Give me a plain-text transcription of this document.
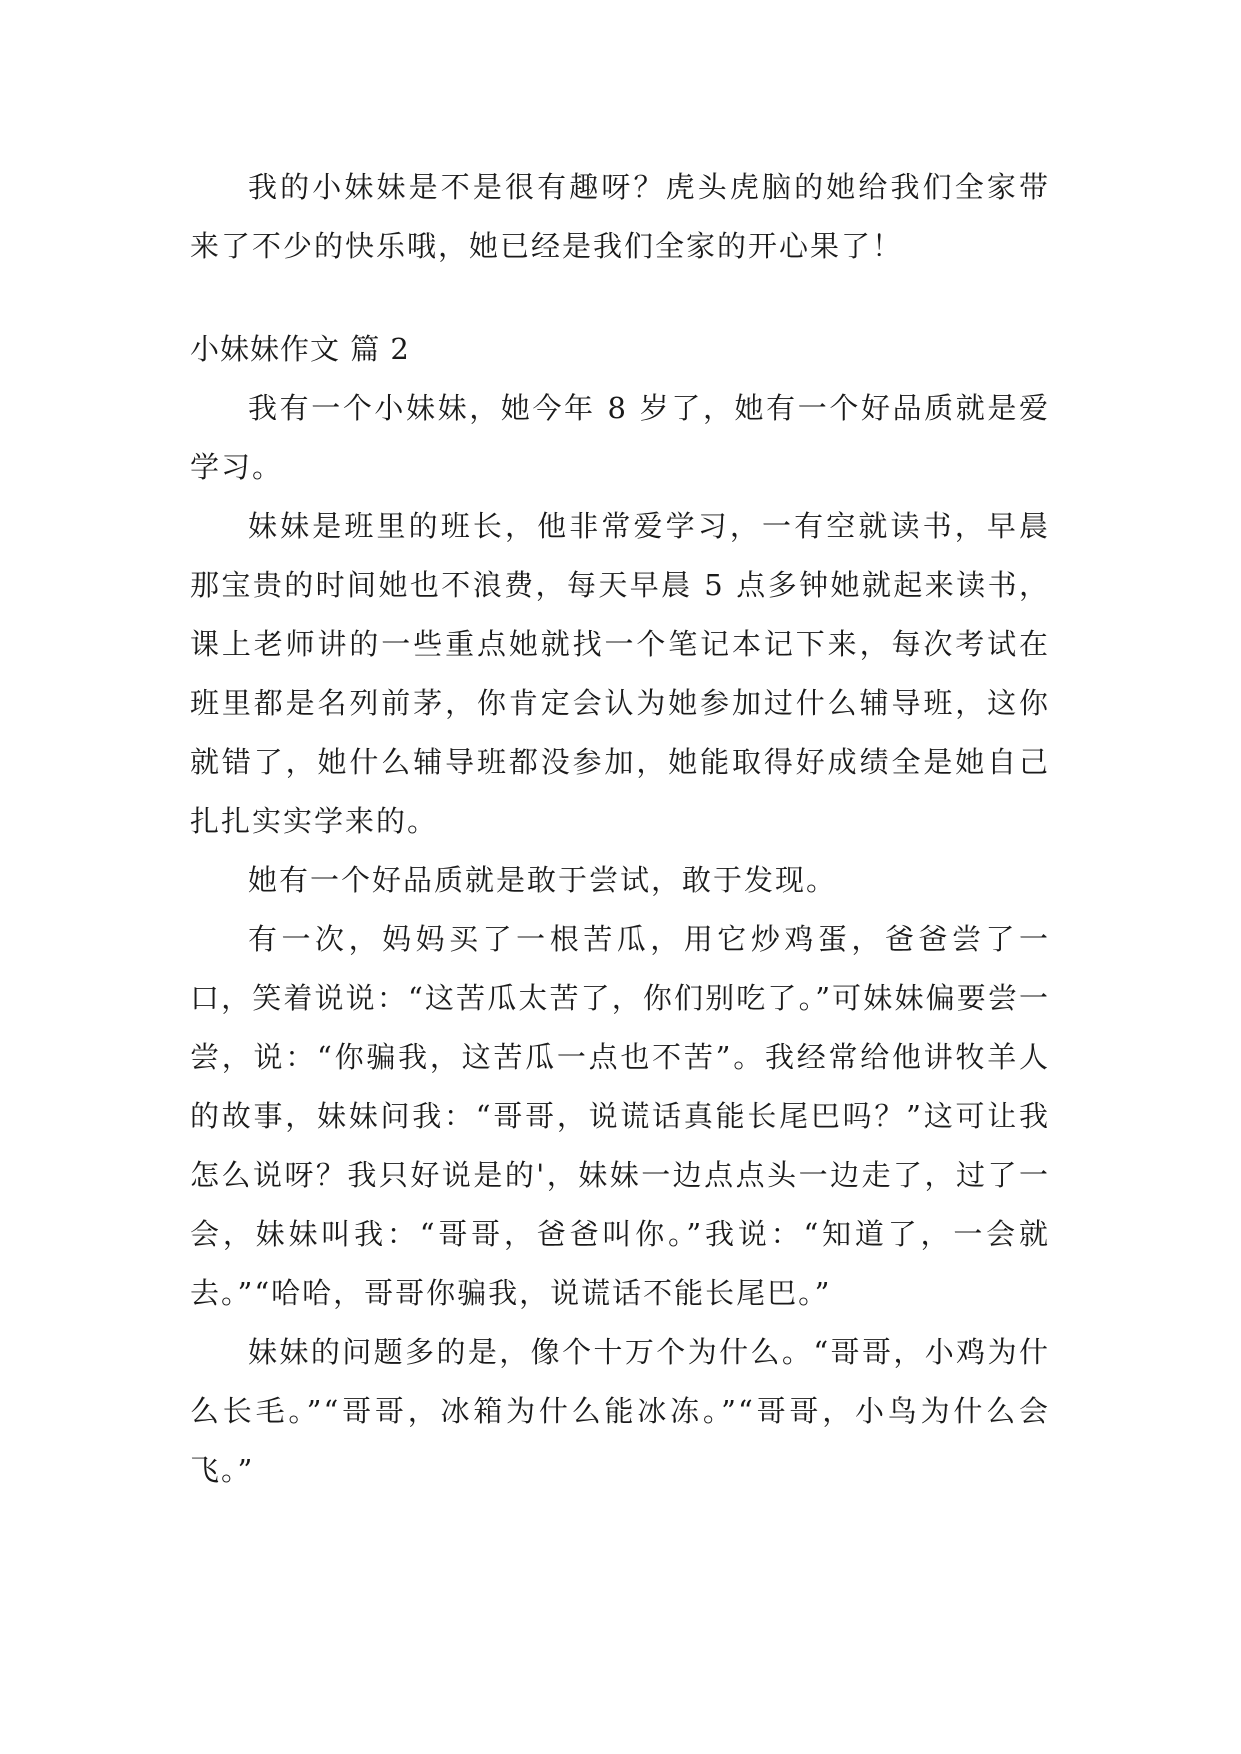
我的小妹妹是不是很有趣呀？虎头虎脑的她给我们全家带来了不少的快乐哦，她已经是我们全家的开心果了！

小妹妹作文 篇 2

我有一个小妹妹，她今年 8 岁了，她有一个好品质就是爱学习。

妹妹是班里的班长，他非常爱学习，一有空就读书，早晨那宝贵的时间她也不浪费，每天早晨 5 点多钟她就起来读书，课上老师讲的一些重点她就找一个笔记本记下来，每次考试在班里都是名列前茅，你肯定会认为她参加过什么辅导班，这你就错了，她什么辅导班都没参加，她能取得好成绩全是她自己扎扎实实学来的。

她有一个好品质就是敢于尝试，敢于发现。

有一次，妈妈买了一根苦瓜，用它炒鸡蛋，爸爸尝了一口，笑着说说：“这苦瓜太苦了，你们别吃了。”可妹妹偏要尝一尝，说：“你骗我，这苦瓜一点也不苦”。我经常给他讲牧羊人的故事，妹妹问我：“哥哥，说谎话真能长尾巴吗？”这可让我怎么说呀？我只好说是的'，妹妹一边点点头一边走了，过了一会，妹妹叫我：“哥哥，爸爸叫你。”我说：“知道了，一会就去。”“哈哈，哥哥你骗我，说谎话不能长尾巴。”

妹妹的问题多的是，像个十万个为什么。“哥哥，小鸡为什么长毛。”“哥哥，冰箱为什么能冰冻。”“哥哥，小鸟为什么会飞。”
